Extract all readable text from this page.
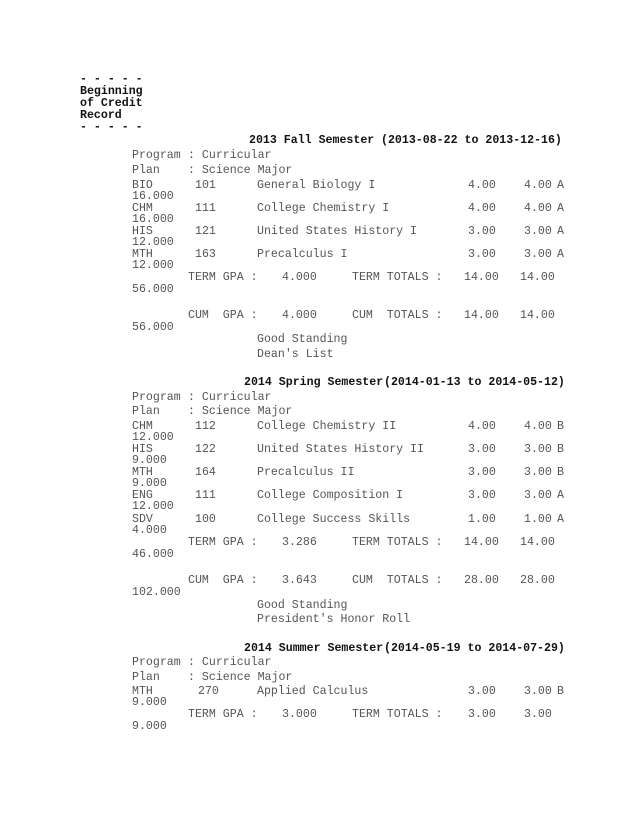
- - - - -
Beginning
of Credit
Record
- - - - -
2013 Fall Semester (2013-08-22 to 2013-12-16)
Program : Curricular
Plan : Science Major
BIO	101	General Biology I	4.00 4.00 A
16.000
CHM	111	College Chemistry I	4.00 4.00 A
16.000
HIS	121	United States History I	3.00 3.00 A
12.000
MTH	163	Precalculus I	3.00 3.00 A
12.000
TERM GPA : 4.000	TERM TOTALS : 14.00 14.00
56.000
CUM  GPA : 4.000	CUM  TOTALS : 14.00 14.00
56.000
Good Standing
Dean's List
2014 Spring Semester (2014-01-13 to 2014-05-12)
Program : Curricular
Plan : Science Major
CHM	112	College Chemistry II	4.00 4.00 B
12.000
HIS	122	United States History II	3.00 3.00 B
9.000
MTH	164	Precalculus II	3.00 3.00 B
9.000
ENG	111	College Composition I	3.00 3.00 A
12.000
SDV	100	College Success Skills	1.00 1.00 A
4.000
TERM GPA : 3.286	TERM TOTALS : 14.00 14.00
46.000
CUM  GPA : 3.643	CUM  TOTALS : 28.00 28.00
102.000
Good Standing
President's Honor Roll
2014 Summer Semester (2014-05-19 to 2014-07-29)
Program : Curricular
Plan : Science Major
MTH	270	Applied Calculus	3.00 3.00 B
9.000
TERM GPA : 3.000	TERM TOTALS : 3.00 3.00
9.000
